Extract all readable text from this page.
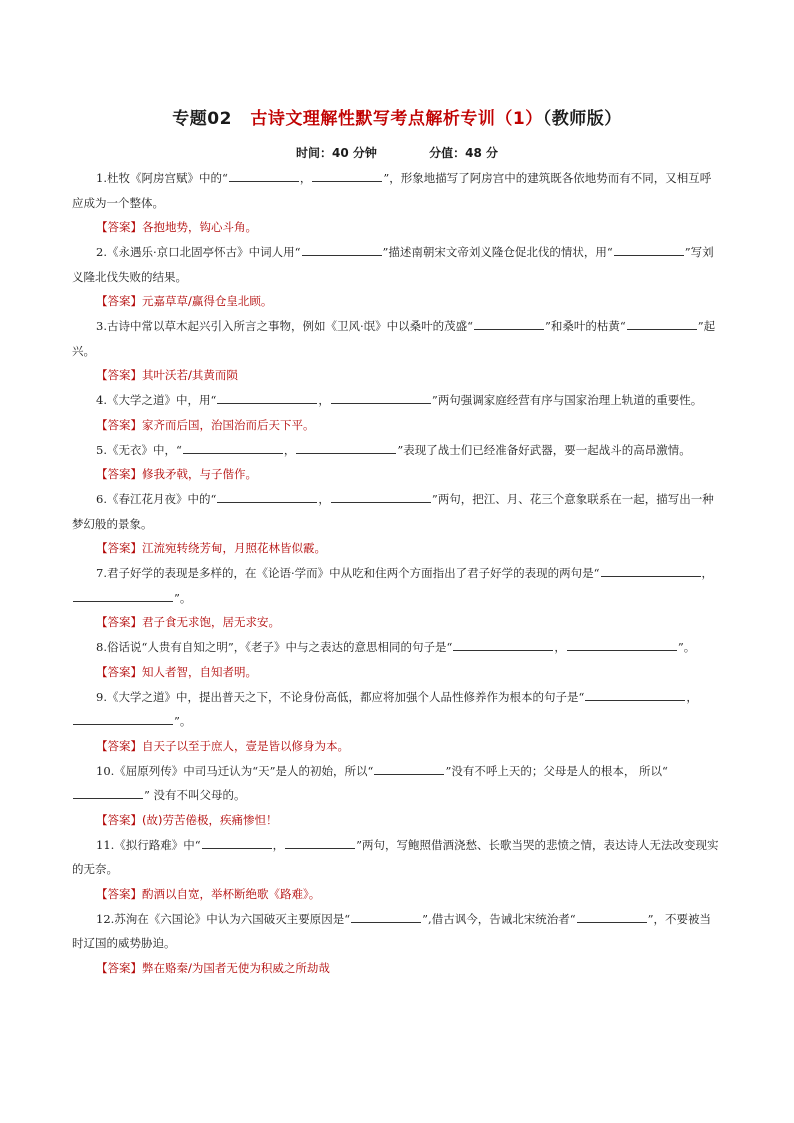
专题02 古诗文理解性默写考点解析专训（1）（教师版）
时间：40 分钟	分值：48 分

1.杜牧《阿房宫赋》中的“	，	”，形象地描写了阿房宫中的建筑既各依地势而有不同，又相互呼应成为一个整体。

【答案】各抱地势，钩心斗角。

2.《永遇乐·京口北固亭怀古》中词人用“	”描述南朝宋文帝刘义隆仓促北伐的情状，用“	”写刘义隆北伐失败的结果。

【答案】元嘉草草/赢得仓皇北顾。

3.古诗中常以草木起兴引入所言之事物，例如《卫风·氓》中以桑叶的茂盛“	”和桑叶的枯黄“	”起兴。

【答案】其叶沃若/其黄而陨

4.《大学之道》中，用“	，	”两句强调家庭经营有序与国家治理上轨道的重要性。

【答案】家齐而后国，治国治而后天下平。

5.《无衣》中，“	，	”表现了战士们已经准备好武器，要一起战斗的高昂激情。

【答案】修我矛戟，与子偕作。

6.《春江花月夜》中的“	，	”两句，把江、月、花三个意象联系在一起，描写出一种梦幻般的景象。

【答案】江流宛转绕芳甸，月照花林皆似霰。

7.君子好学的表现是多样的，在《论语·学而》中从吃和住两个方面指出了君子好学的表现的两句是“	，”。

【答案】君子食无求饱，居无求安。

8.俗话说“人贵有自知之明”，《老子》中与之表达的意思相同的句子是“	，	”。

【答案】知人者智，自知者明。

9.《大学之道》中，提出普天之下，不论身份高低，都应将加强个人品性修养作为根本的句子是“	，”。

【答案】自天子以至于庶人，壹是皆以修身为本。

10.《屈原列传》中司马迁认为“天”是人的初始，所以“	”没有不呼上天的；父母是人的根本， 所以“” 没有不叫父母的。

【答案】(故)劳苦倦极，疾痛惨怛！

11.《拟行路难》中“	，	”两句，写鲍照借酒浇愁、长歌当哭的悲愤之情，表达诗人无法改变现实的无奈。

【答案】酌酒以自宽，举杯断绝歌《路难》。

12.苏洵在《六国论》中认为六国破灭主要原因是“	”,借古讽今，告诫北宋统治者“	”，不要被当时辽国的威势胁迫。

【答案】弊在赂秦/为国者无使为积威之所劫哉
